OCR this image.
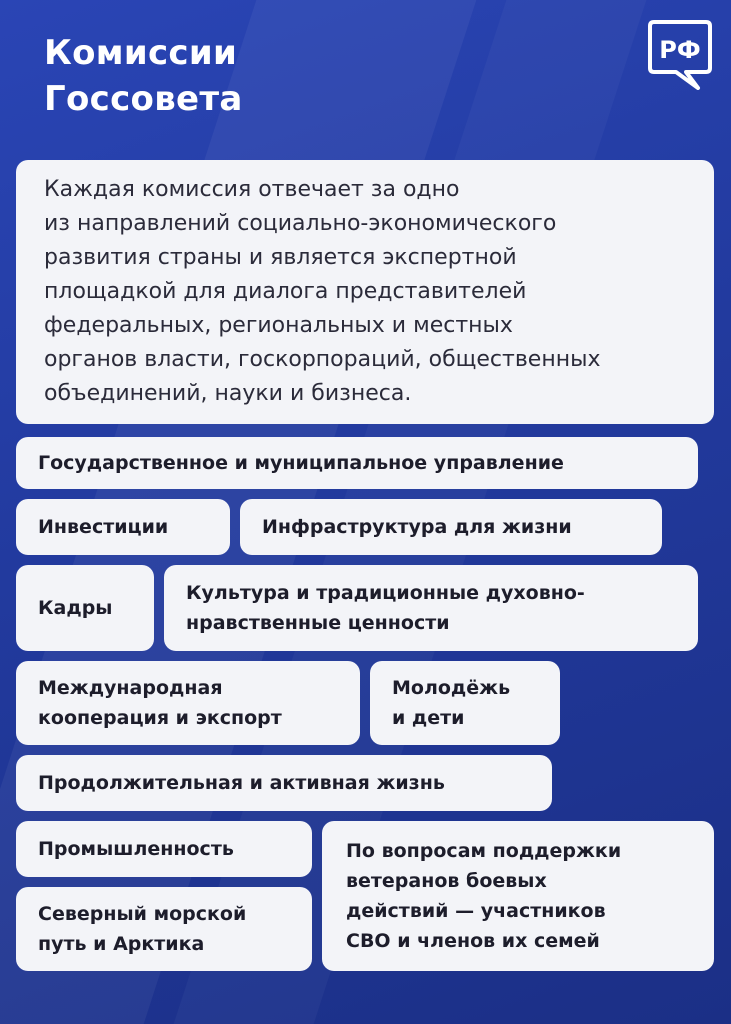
Комиссии
Госсовета
РФ
Каждая комиссия отвечает за одно
из направлений социально-экономического
развития страны и является экспертной
площадкой для диалога представителей
федеральных, региональных и местных
органов власти, госкорпораций, общественных
объединений, науки и бизнеса.
Государственное и муниципальное управление
Инвестиции	Инфраструктура для жизни
Кадры
Культура и традиционные духовно-
нравственные ценности
Международная
кооперация и экспорт
Молодёжь
и дети
Продолжительная и активная жизнь
Промышленность
Северный морской
путь и Арктика
По вопросам поддержки
ветеранов боевых
действий — участников
СВО и членов их семей
